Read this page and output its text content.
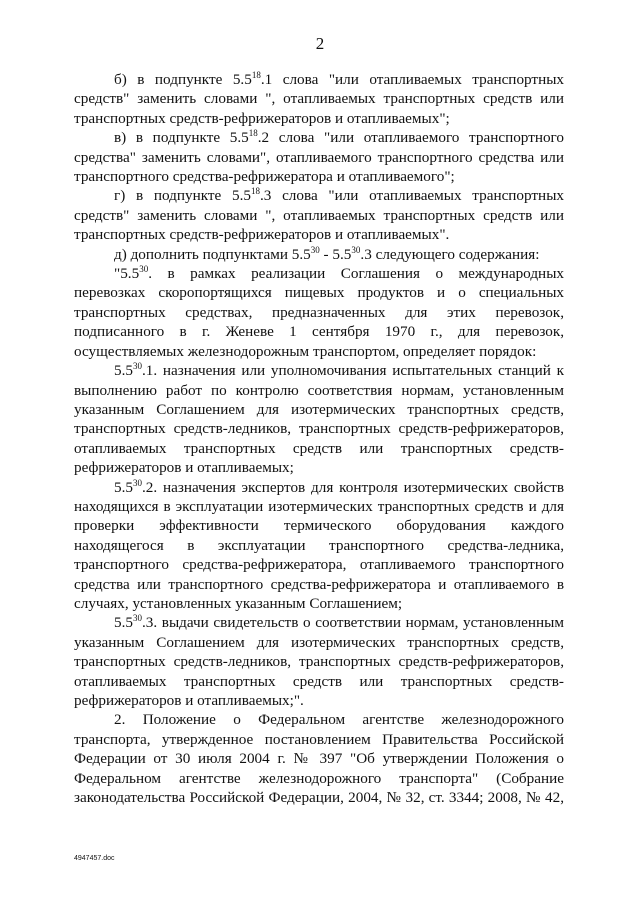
2

б) в подпункте $5.5^{18}.1$ слова "или отапливаемых транспортных средств" заменить словами ", отапливаемых транспортных средств или транспортных средств-рефрижераторов и отапливаемых";

в) в подпункте $5.5^{18}.2$ слова "или отапливаемого транспортного средства" заменить словами", отапливаемого транспортного средства или транспортного средства-рефрижератора и отапливаемого";

г) в подпункте $5.5^{18}.3$ слова "или отапливаемых транспортных средств" заменить словами ", отапливаемых транспортных средств или транспортных средств-рефрижераторов и отапливаемых".

д) дополнить подпунктами $5.5^{30} - 5.5^{30}.3$ следующего содержания:

"$5.5^{30}$. в рамках реализации Соглашения о международных перевозках скоропортящихся пищевых продуктов и о специальных транспортных средствах, предназначенных для этих перевозок, подписанного в г. Женеве 1 сентября 1970 г., для перевозок, осуществляемых железнодорожным транспортом, определяет порядок:

$5.5^{30}.1$. назначения или уполномочивания испытательных станций к выполнению работ по контролю соответствия нормам, установленным указанным Соглашением для изотермических транспортных средств, транспортных средств-ледников, транспортных средств-рефрижераторов, отапливаемых транспортных средств или транспортных средств-рефрижераторов и отапливаемых;

$5.5^{30}.2$. назначения экспертов для контроля изотермических свойств находящихся в эксплуатации изотермических транспортных средств и для проверки эффективности термического оборудования каждого находящегося в эксплуатации транспортного средства-ледника, транспортного средства-рефрижератора, отапливаемого транспортного средства или транспортного средства-рефрижератора и отапливаемого в случаях, установленных указанным Соглашением;

$5.5^{30}.3$. выдачи свидетельств о соответствии нормам, установленным указанным Соглашением для изотермических транспортных средств, транспортных средств-ледников, транспортных средств-рефрижераторов, отапливаемых транспортных средств или транспортных средств-рефрижераторов и отапливаемых;".

2. Положение о Федеральном агентстве железнодорожного транспорта, утвержденное постановлением Правительства Российской Федерации от 30 июля 2004 г. № 397 "Об утверждении Положения о Федеральном агентстве железнодорожного транспорта" (Собрание законодательства Российской Федерации, 2004, № 32, ст. 3344; 2008, № 42,

4947457.doc
